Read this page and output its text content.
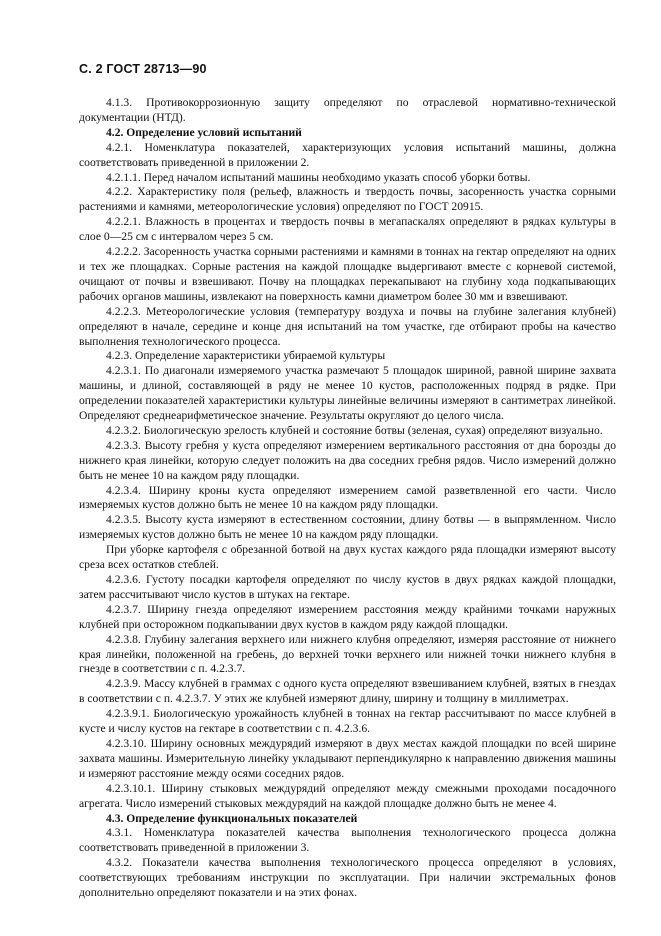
С. 2 ГОСТ 28713—90

4.1.3. Противокоррозионную защиту определяют по отраслевой нормативно-технической документации (НТД).

4.2. Определение условий испытаний

4.2.1. Номенклатура показателей, характеризующих условия испытаний машины, должна соответствовать приведенной в приложении 2.

4.2.1.1. Перед началом испытаний машины необходимо указать способ уборки ботвы.

4.2.2. Характеристику поля (рельеф, влажность и твердость почвы, засоренность участка сорными растениями и камнями, метеорологические условия) определяют по ГОСТ 20915.

4.2.2.1. Влажность в процентах и твердость почвы в мегапаскалях определяют в рядках культуры в слое 0—25 см с интервалом через 5 см.

4.2.2.2. Засоренность участка сорными растениями и камнями в тоннах на гектар определяют на одних и тех же площадках. Сорные растения на каждой площадке выдергивают вместе с корневой системой, очищают от почвы и взвешивают. Почву на площадках перекапывают на глубину хода подкапывающих рабочих органов машины, извлекают на поверхность камни диаметром более 30 мм и взвешивают.

4.2.2.3. Метеорологические условия (температуру воздуха и почвы на глубине залегания клубней) определяют в начале, середине и конце дня испытаний на том участке, где отбирают пробы на качество выполнения технологического процесса.

4.2.3. Определение характеристики убираемой культуры

4.2.3.1. По диагонали измеряемого участка размечают 5 площадок шириной, равной ширине захвата машины, и длиной, составляющей в ряду не менее 10 кустов, расположенных подряд в рядке. При определении показателей характеристики культуры линейные величины измеряют в сантиметрах линейкой. Определяют среднеарифметическое значение. Результаты округляют до целого числа.

4.2.3.2. Биологическую зрелость клубней и состояние ботвы (зеленая, сухая) определяют визуально.

4.2.3.3. Высоту гребня у куста определяют измерением вертикального расстояния от дна борозды до нижнего края линейки, которую следует положить на два соседних гребня рядов. Число измерений должно быть не менее 10 на каждом ряду площадки.

4.2.3.4. Ширину кроны куста определяют измерением самой разветвленной его части. Число измеряемых кустов должно быть не менее 10 на каждом ряду площадки.

4.2.3.5. Высоту куста измеряют в естественном состоянии, длину ботвы — в выпрямленном. Число измеряемых кустов должно быть не менее 10 на каждом ряду площадки.

При уборке картофеля с обрезанной ботвой на двух кустах каждого ряда площадки измеряют высоту среза всех остатков стеблей.

4.2.3.6. Густоту посадки картофеля определяют по числу кустов в двух рядках каждой площадки, затем рассчитывают число кустов в штуках на гектаре.

4.2.3.7. Ширину гнезда определяют измерением расстояния между крайними точками наружных клубней при осторожном подкапывании двух кустов в каждом ряду каждой площадки.

4.2.3.8. Глубину залегания верхнего или нижнего клубня определяют, измеряя расстояние от нижнего края линейки, положенной на гребень, до верхней точки верхнего или нижней точки нижнего клубня в гнезде в соответствии с п. 4.2.3.7.

4.2.3.9. Массу клубней в граммах с одного куста определяют взвешиванием клубней, взятых в гнездах в соответствии с п. 4.2.3.7. У этих же клубней измеряют длину, ширину и толщину в миллиметрах.

4.2.3.9.1. Биологическую урожайность клубней в тоннах на гектар рассчитывают по массе клубней в кусте и числу кустов на гектаре в соответствии с п. 4.2.3.6.

4.2.3.10. Ширину основных междурядий измеряют в двух местах каждой площадки по всей ширине захвата машины. Измерительную линейку укладывают перпендикулярно к направлению движения машины и измеряют расстояние между осями соседних рядов.

4.2.3.10.1. Ширину стыковых междурядий определяют между смежными проходами посадочного агрегата. Число измерений стыковых междурядий на каждой площадке должно быть не менее 4.

4.3. Определение функциональных показателей

4.3.1. Номенклатура показателей качества выполнения технологического процесса должна соответствовать приведенной в приложении 3.

4.3.2. Показатели качества выполнения технологического процесса определяют в условиях, соответствующих требованиям инструкции по эксплуатации. При наличии экстремальных фонов дополнительно определяют показатели и на этих фонах.
